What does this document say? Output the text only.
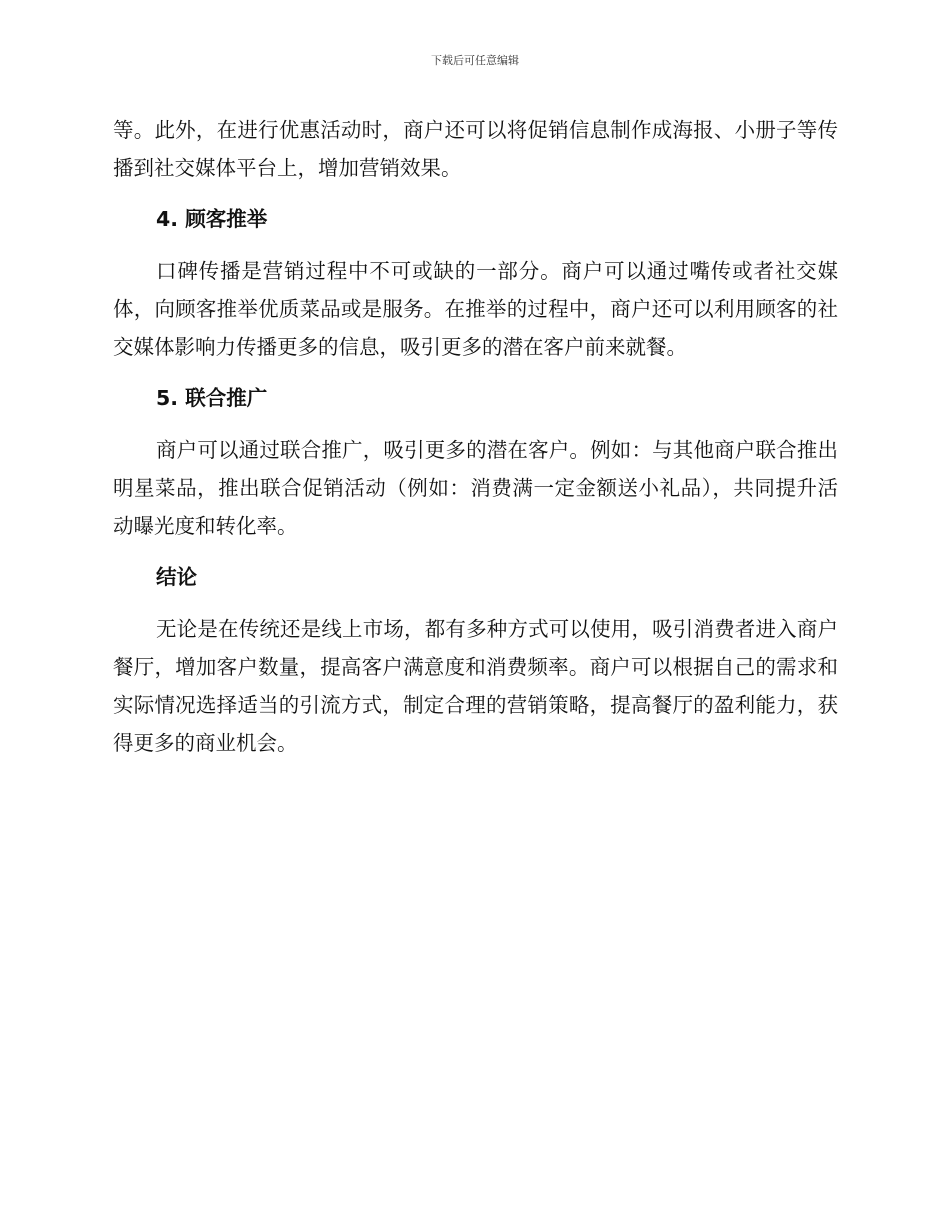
下载后可任意编辑

等。此外，在进行优惠活动时，商户还可以将促销信息制作成海报、小册子等传播到社交媒体平台上，增加营销效果。

4. 顾客推举

口碑传播是营销过程中不可或缺的一部分。商户可以通过嘴传或者社交媒体，向顾客推举优质菜品或是服务。在推举的过程中，商户还可以利用顾客的社交媒体影响力传播更多的信息，吸引更多的潜在客户前来就餐。

5. 联合推广

商户可以通过联合推广，吸引更多的潜在客户。例如：与其他商户联合推出明星菜品，推出联合促销活动（例如：消费满一定金额送小礼品），共同提升活动曝光度和转化率。

结论

无论是在传统还是线上市场，都有多种方式可以使用，吸引消费者进入商户餐厅，增加客户数量，提高客户满意度和消费频率。商户可以根据自己的需求和实际情况选择适当的引流方式，制定合理的营销策略，提高餐厅的盈利能力，获得更多的商业机会。
